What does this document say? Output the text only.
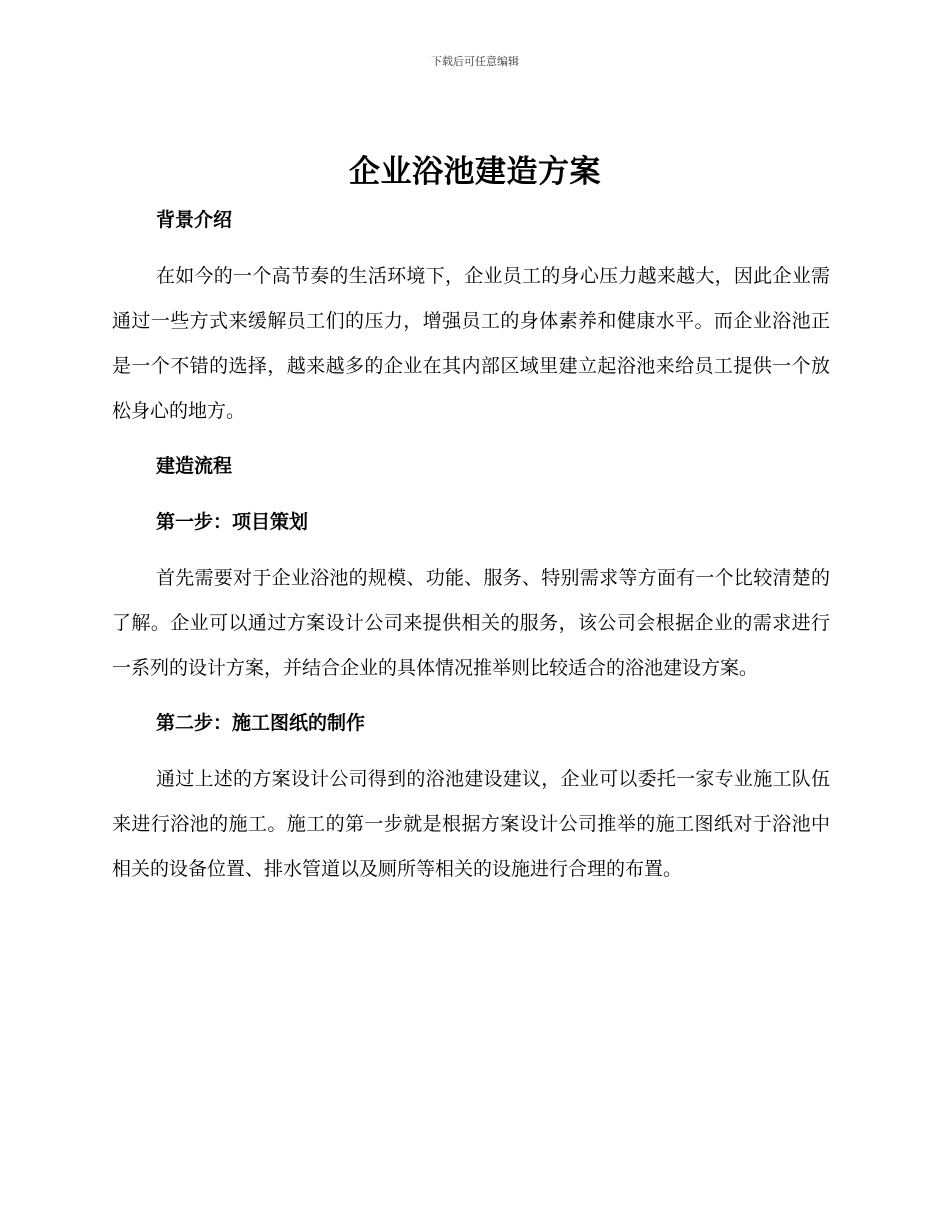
下载后可任意编辑
企业浴池建造方案
背景介绍

在如今的一个高节奏的生活环境下，企业员工的身心压力越来越大，因此企业需通过一些方式来缓解员工们的压力，增强员工的身体素养和健康水平。而企业浴池正是一个不错的选择，越来越多的企业在其内部区域里建立起浴池来给员工提供一个放松身心的地方。

建造流程
第一步：项目策划

首先需要对于企业浴池的规模、功能、服务、特别需求等方面有一个比较清楚的了解。企业可以通过方案设计公司来提供相关的服务，该公司会根据企业的需求进行一系列的设计方案，并结合企业的具体情况推举则比较适合的浴池建设方案。

第二步：施工图纸的制作

通过上述的方案设计公司得到的浴池建设建议，企业可以委托一家专业施工队伍来进行浴池的施工。施工的第一步就是根据方案设计公司推举的施工图纸对于浴池中相关的设备位置、排水管道以及厕所等相关的设施进行合理的布置。
